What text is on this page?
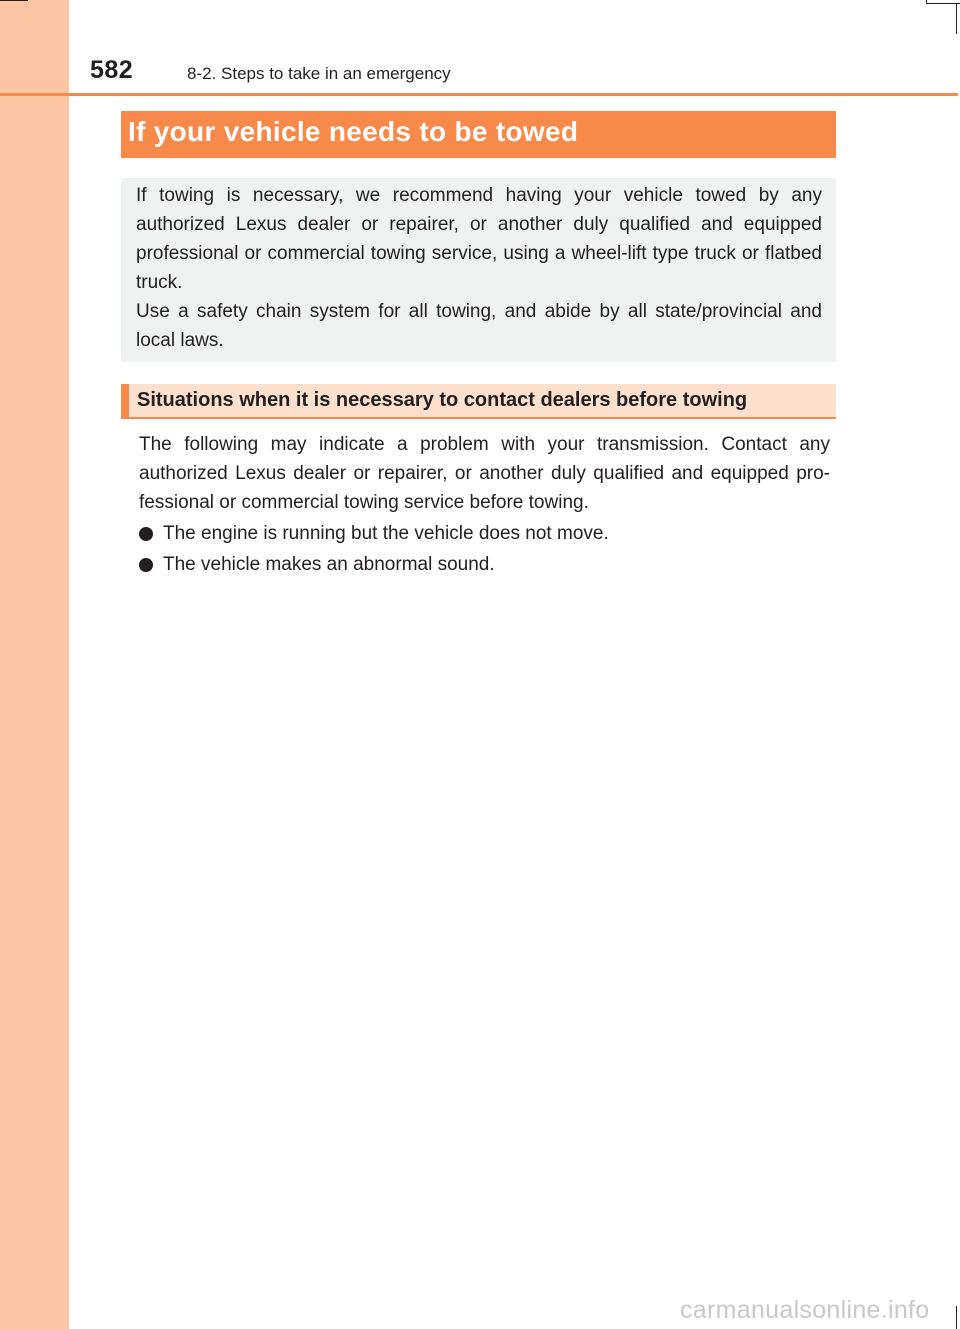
582	8-2. Steps to take in an emergency
If your vehicle needs to be towed

If towing is necessary, we recommend having your vehicle towed by any authorized Lexus dealer or repairer, or another duly qualified and equipped professional or commercial towing service, using a wheel-lift type truck or flatbed truck.

Use a safety chain system for all towing, and abide by all state/provincial and local laws.

Situations when it is necessary to contact dealers before towing

The following may indicate a problem with your transmission. Contact any authorized Lexus dealer or repairer, or another duly qualified and equipped pro-fessional or commercial towing service before towing.

The engine is running but the vehicle does not move.
The vehicle makes an abnormal sound.
carmanualsonline.info
